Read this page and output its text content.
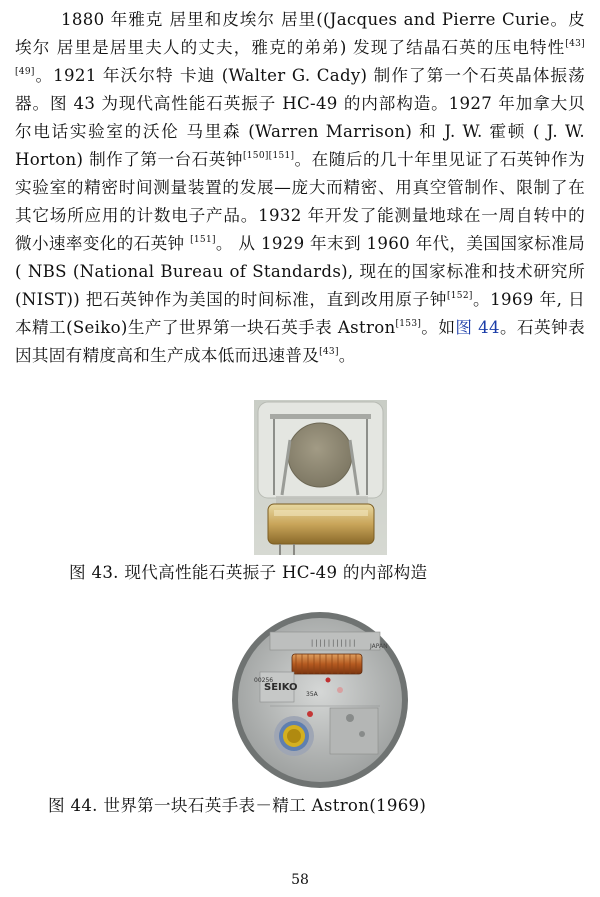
1880 年雅克 居里和皮埃尔 居里((Jacques and Pierre Curie。皮埃尔 居里是居里夫人的丈夫，雅克的弟弟) 发现了结晶石英的压电特性[43][49]。1921 年沃尔特 卡迪 (Walter G. Cady) 制作了第一个石英晶体振荡器。图 43 为现代高性能石英振子 HC-49 的内部构造。1927 年加拿大贝尔电话实验室的沃伦 马里森 (Warren Marrison) 和 J. W. 霍顿 ( J. W. Horton) 制作了第一台石英钟[150][151]。在随后的几十年里见证了石英钟作为实验室的精密时间测量装置的发展—庞大而精密、用真空管制作、限制了在其它场所应用的计数电子产品。1932 年开发了能测量地球在一周自转中的微小速率变化的石英钟 [151]。 从 1929 年末到 1960 年代，美国国家标准局 ( NBS (National Bureau of Standards), 现在的国家标准和技术研究所 (NIST)) 把石英钟作为美国的时间标准，直到改用原子钟[152]。1969 年, 日本精工(Seiko)生产了世界第一块石英手表 Astron[153]。如图 44。石英钟表因其固有精度高和生产成本低而迅速普及[43]。

图 43. 现代高性能石英振子 HC-49 的内部构造

||||||||||| JAPAN
00256
SEIKO
35A

图 44. 世界第一块石英手表－精工 Astron(1969)

58
